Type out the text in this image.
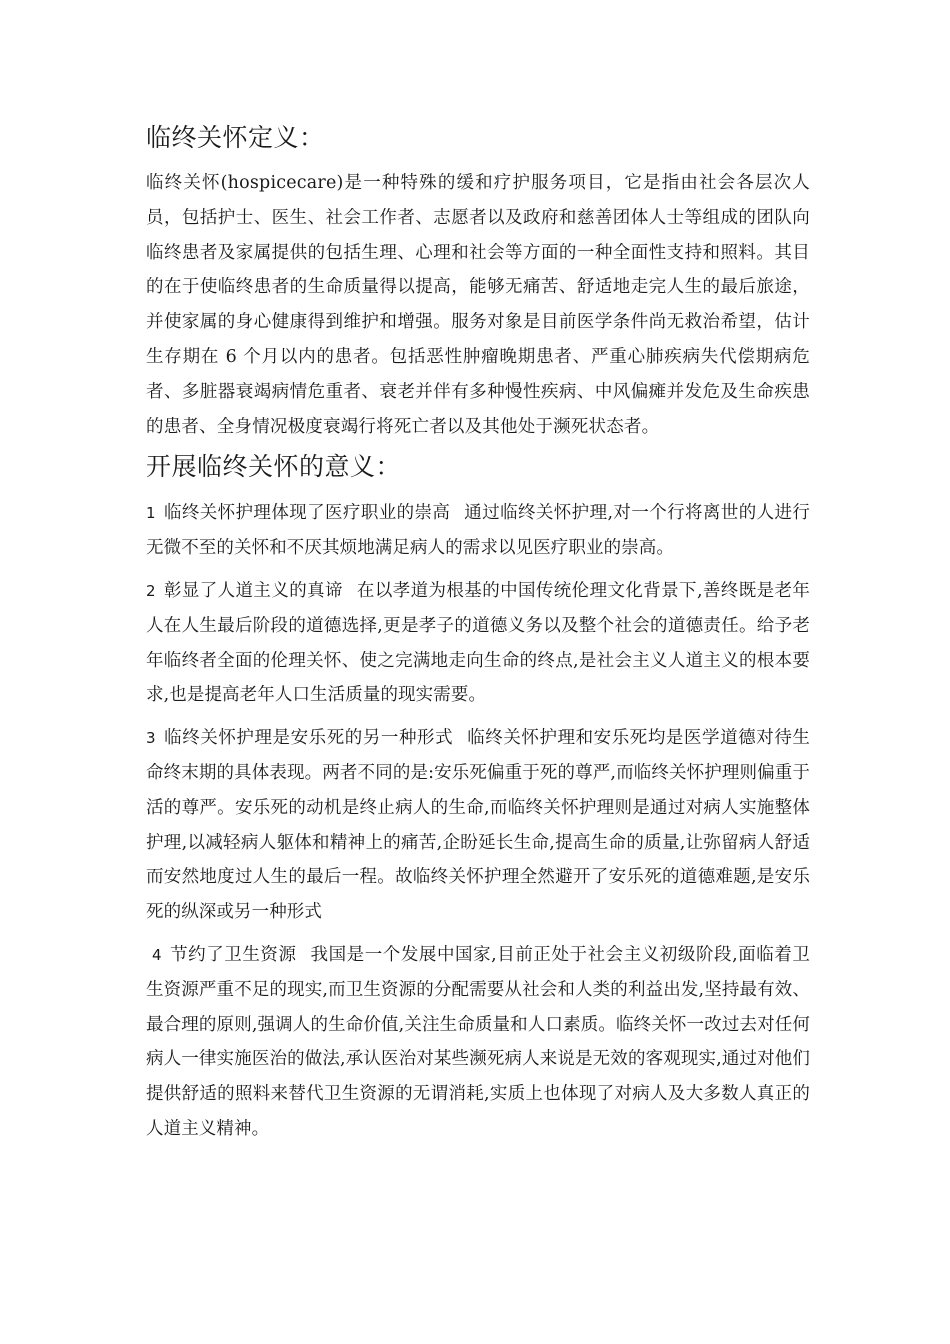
临终关怀定义：

临终关怀(hospicecare)是一种特殊的缓和疗护服务项目，它是指由社会各层次人员，包括护士、医生、社会工作者、志愿者以及政府和慈善团体人士等组成的团队向临终患者及家属提供的包括生理、心理和社会等方面的一种全面性支持和照料。其目的在于使临终患者的生命质量得以提高，能够无痛苦、舒适地走完人生的最后旅途，并使家属的身心健康得到维护和增强。服务对象是目前医学条件尚无救治希望，估计生存期在 6 个月以内的患者。包括恶性肿瘤晚期患者、严重心肺疾病失代偿期病危者、多脏器衰竭病情危重者、衰老并伴有多种慢性疾病、中风偏瘫并发危及生命疾患的患者、全身情况极度衰竭行将死亡者以及其他处于濒死状态者。

开展临终关怀的意义：

1 临终关怀护理体现了医疗职业的崇高 通过临终关怀护理,对一个行将离世的人进行无微不至的关怀和不厌其烦地满足病人的需求以见医疗职业的崇高。

2 彰显了人道主义的真谛 在以孝道为根基的中国传统伦理文化背景下,善终既是老年人在人生最后阶段的道德选择,更是孝子的道德义务以及整个社会的道德责任。给予老年临终者全面的伦理关怀、使之完满地走向生命的终点,是社会主义人道主义的根本要求,也是提高老年人口生活质量的现实需要。

3 临终关怀护理是安乐死的另一种形式 临终关怀护理和安乐死均是医学道德对待生命终末期的具体表现。两者不同的是:安乐死偏重于死的尊严,而临终关怀护理则偏重于活的尊严。安乐死的动机是终止病人的生命,而临终关怀护理则是通过对病人实施整体护理,以减轻病人躯体和精神上的痛苦,企盼延长生命,提高生命的质量,让弥留病人舒适而安然地度过人生的最后一程。故临终关怀护理全然避开了安乐死的道德难题,是安乐死的纵深或另一种形式

4 节约了卫生资源 我国是一个发展中国家,目前正处于社会主义初级阶段,面临着卫生资源严重不足的现实,而卫生资源的分配需要从社会和人类的利益出发,坚持最有效、最合理的原则,强调人的生命价值,关注生命质量和人口素质。临终关怀一改过去对任何病人一律实施医治的做法,承认医治对某些濒死病人来说是无效的客观现实,通过对他们提供舒适的照料来替代卫生资源的无谓消耗,实质上也体现了对病人及大多数人真正的人道主义精神。
